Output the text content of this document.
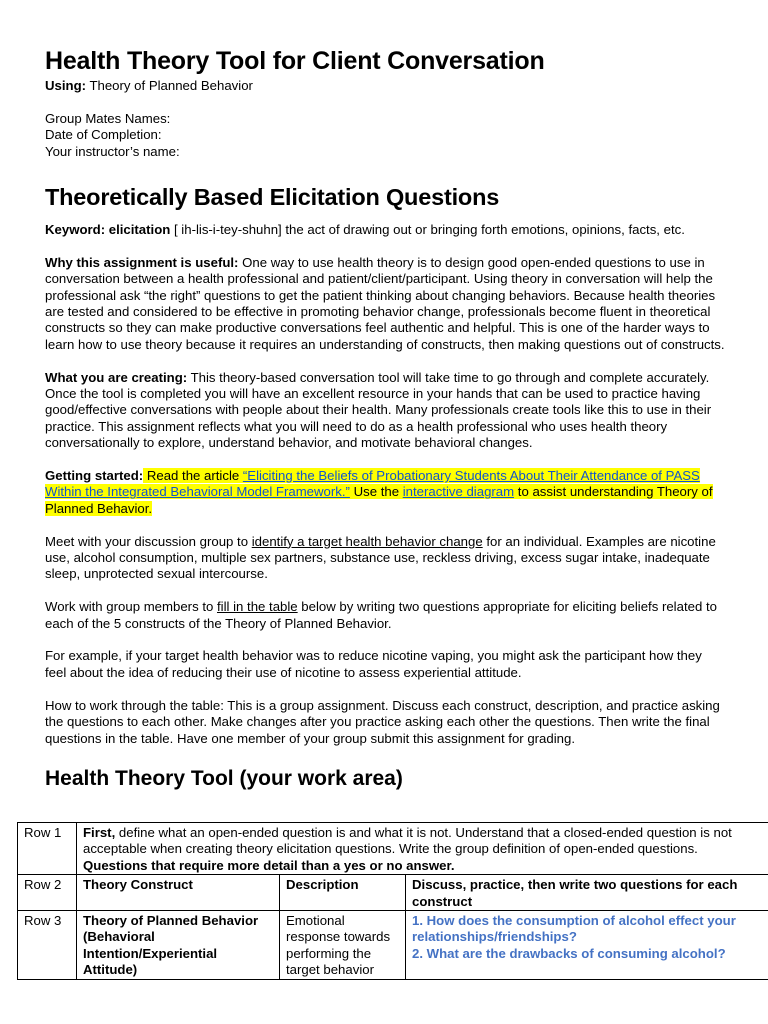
Health Theory Tool for Client Conversation

Using: Theory of Planned Behavior

Group Mates Names:

Date of Completion:

Your instructor’s name:

Theoretically Based Elicitation Questions

Keyword: elicitation [ ih-lis-i-tey-shuhn] the act of drawing out or bringing forth emotions, opinions, facts, etc.

Why this assignment is useful: One way to use health theory is to design good open-ended questions to use in conversation between a health professional and patient/client/participant. Using theory in conversation will help the professional ask “the right” questions to get the patient thinking about changing behaviors. Because health theories are tested and considered to be effective in promoting behavior change, professionals become fluent in theoretical constructs so they can make productive conversations feel authentic and helpful. This is one of the harder ways to learn how to use theory because it requires an understanding of constructs, then making questions out of constructs.

What you are creating: This theory-based conversation tool will take time to go through and complete accurately. Once the tool is completed you will have an excellent resource in your hands that can be used to practice having good/effective conversations with people about their health. Many professionals create tools like this to use in their practice. This assignment reflects what you will need to do as a health professional who uses health theory conversationally to explore, understand behavior, and motivate behavioral changes.

Getting started: Read the article “Eliciting the Beliefs of Probationary Students About Their Attendance of PASS Within the Integrated Behavioral Model Framework.” Use the interactive diagram to assist understanding Theory of Planned Behavior.

Meet with your discussion group to identify a target health behavior change for an individual. Examples are nicotine use, alcohol consumption, multiple sex partners, substance use, reckless driving, excess sugar intake, inadequate sleep, unprotected sexual intercourse.

Work with group members to fill in the table below by writing two questions appropriate for eliciting beliefs related to each of the 5 constructs of the Theory of Planned Behavior.

For example, if your target health behavior was to reduce nicotine vaping, you might ask the participant how they feel about the idea of reducing their use of nicotine to assess experiential attitude.

How to work through the table: This is a group assignment. Discuss each construct, description, and practice asking the questions to each other. Make changes after you practice asking each other the questions. Then write the final questions in the table. Have one member of your group submit this assignment for grading.

Health Theory Tool (your work area)
Row 1	First, define what an open-ended question is and what it is not. Understand that a closed-ended question is not acceptable when creating theory elicitation questions. Write the group definition of open-ended questions. Questions that require more detail than a yes or no answer.		
Row 2	Theory Construct	Description	Discuss, practice, then write two questions for each construct
Row 3	Theory of Planned Behavior (Behavioral Intention/Experiential Attitude)	Emotional response towards performing the target behavior	1. How does the consumption of alcohol effect your relationships/friendships?
2. What are the drawbacks of consuming alcohol?
